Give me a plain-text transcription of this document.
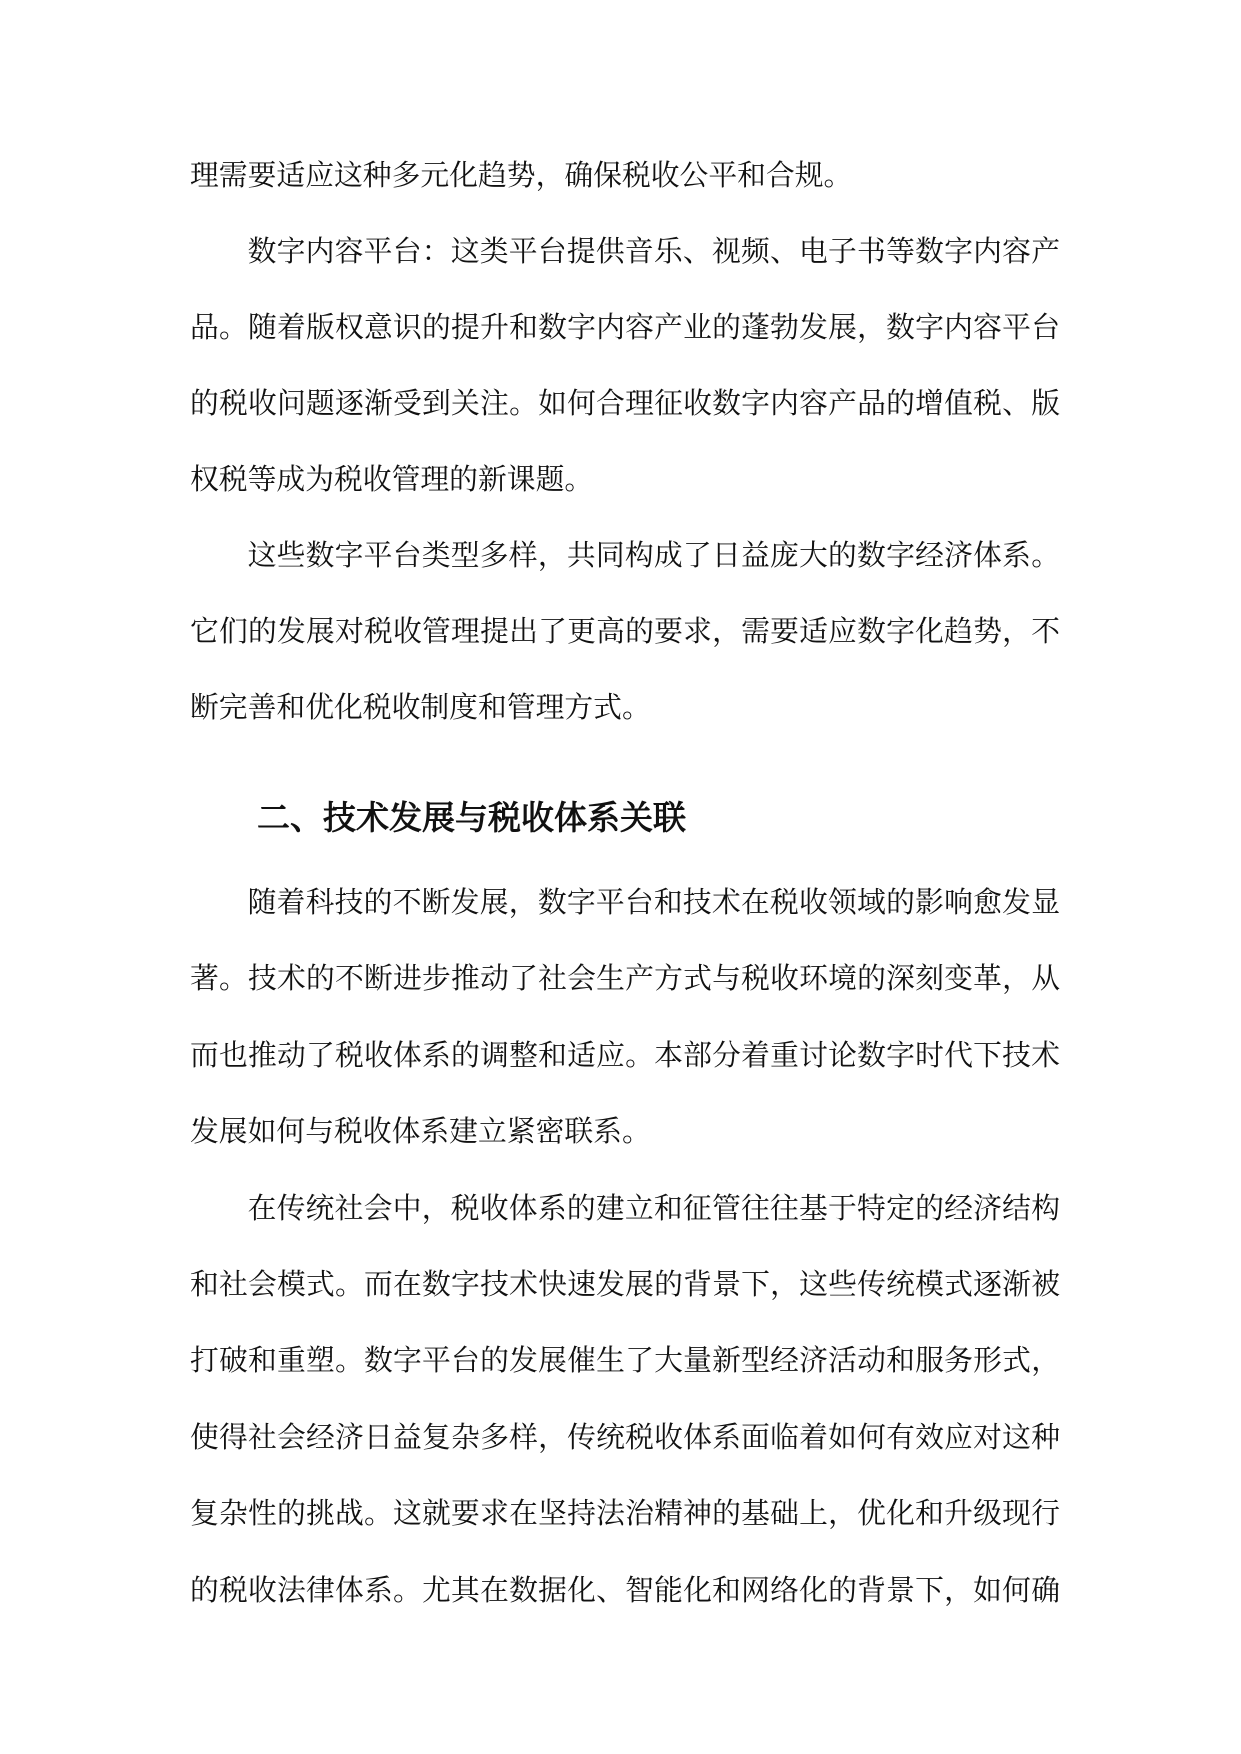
理需要适应这种多元化趋势，确保税收公平和合规。
数字内容平台：这类平台提供音乐、视频、电子书等数字内容产
品。随着版权意识的提升和数字内容产业的蓬勃发展，数字内容平台
的税收问题逐渐受到关注。如何合理征收数字内容产品的增值税、版
权税等成为税收管理的新课题。
这些数字平台类型多样，共同构成了日益庞大的数字经济体系。
它们的发展对税收管理提出了更高的要求，需要适应数字化趋势，不
断完善和优化税收制度和管理方式。
二、技术发展与税收体系关联
随着科技的不断发展，数字平台和技术在税收领域的影响愈发显
著。技术的不断进步推动了社会生产方式与税收环境的深刻变革，从
而也推动了税收体系的调整和适应。本部分着重讨论数字时代下技术
发展如何与税收体系建立紧密联系。
在传统社会中，税收体系的建立和征管往往基于特定的经济结构
和社会模式。而在数字技术快速发展的背景下，这些传统模式逐渐被
打破和重塑。数字平台的发展催生了大量新型经济活动和服务形式，
使得社会经济日益复杂多样，传统税收体系面临着如何有效应对这种
复杂性的挑战。这就要求在坚持法治精神的基础上，优化和升级现行
的税收法律体系。尤其在数据化、智能化和网络化的背景下，如何确
